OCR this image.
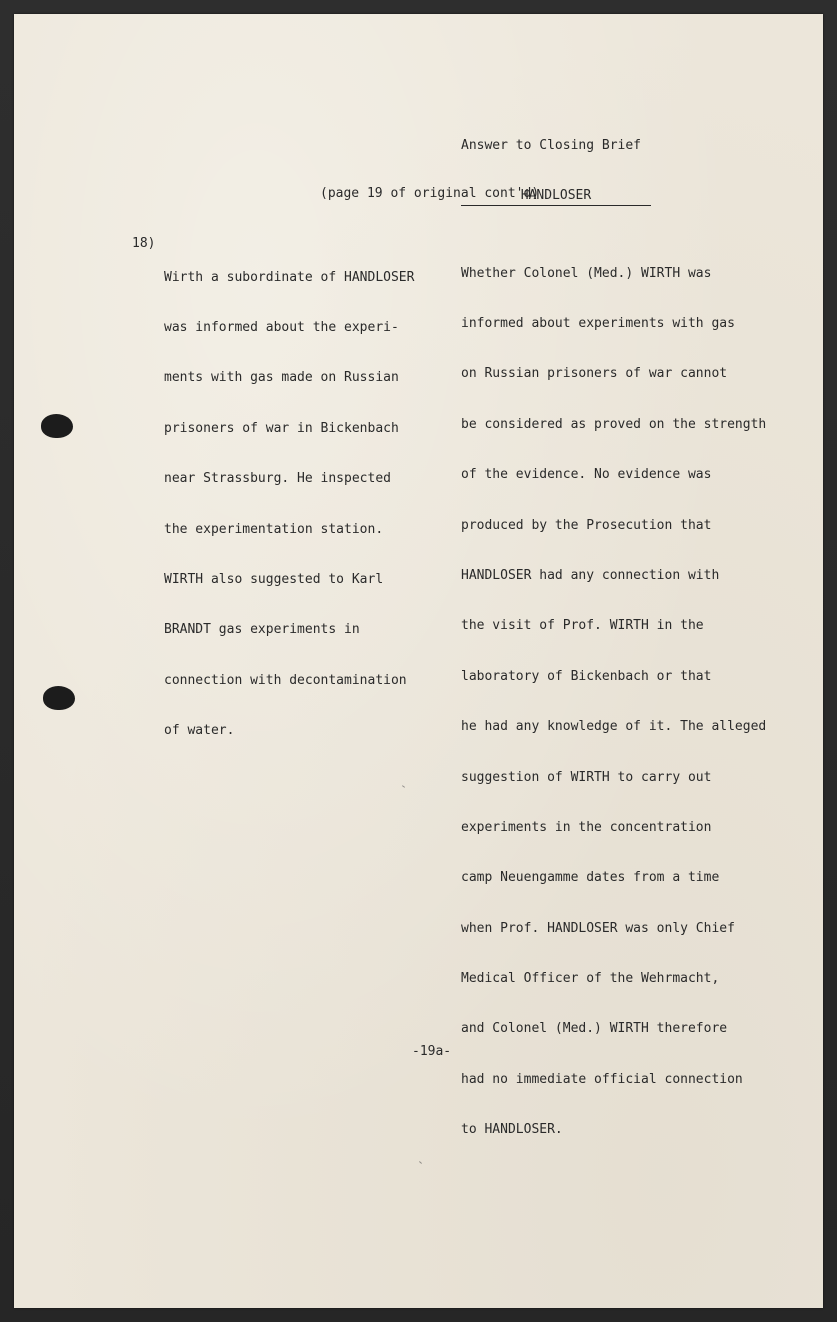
Answer to Closing Brief

HANDLOSER

(page 19 of original cont'd)
18)

Wirth a subordinate of HANDLOSER

was informed about the experi-

ments with gas made on Russian

prisoners of war in Bickenbach

near Strassburg. He inspected

the experimentation station.

WIRTH also suggested to Karl

BRANDT gas experiments in

connection with decontamination

of water.

Whether Colonel (Med.) WIRTH was

informed about experiments with gas

on Russian prisoners of war cannot

be considered as proved on the strength

of the evidence. No evidence was

produced by the Prosecution that

HANDLOSER had any connection with

the visit of Prof. WIRTH in the

laboratory of Bickenbach or that

he had any knowledge of it. The alleged

suggestion of WIRTH to carry out

experiments in the concentration

camp Neuengamme dates from a time

when Prof. HANDLOSER was only Chief

Medical Officer of the Wehrmacht,

and Colonel (Med.) WIRTH therefore

had no immediate official connection

to HANDLOSER.

-19a-
